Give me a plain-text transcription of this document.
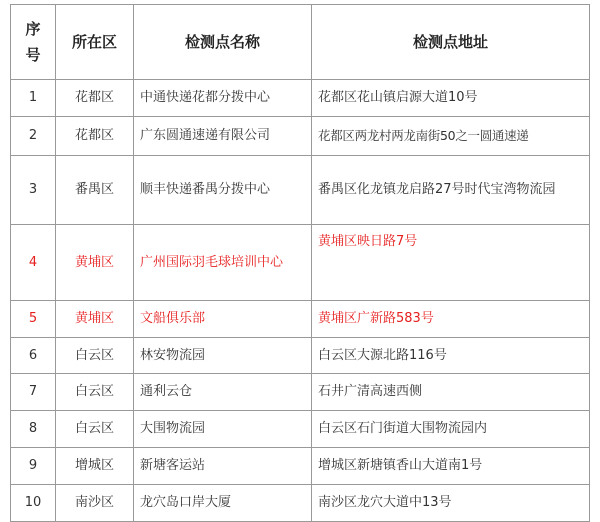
序
号	所在区	检测点名称	检测点地址
1	花都区	中通快递花都分拨中心	花都区花山镇启源大道10号
2	花都区	广东圆通速递有限公司	花都区两龙村两龙南街50之一圆通速递
3	番禺区	顺丰快递番禺分拨中心	番禺区化龙镇龙启路27号时代宝湾物流园
4	黄埔区	广州国际羽毛球培训中心	黄埔区映日路7号
5	黄埔区	文船俱乐部	黄埔区广新路583号
6	白云区	林安物流园	白云区大源北路116号
7	白云区	通利云仓	石井广清高速西侧
8	白云区	大围物流园	白云区石门街道大围物流园内
9	增城区	新塘客运站	增城区新塘镇香山大道南1号
10	南沙区	龙穴岛口岸大厦	南沙区龙穴大道中13号
